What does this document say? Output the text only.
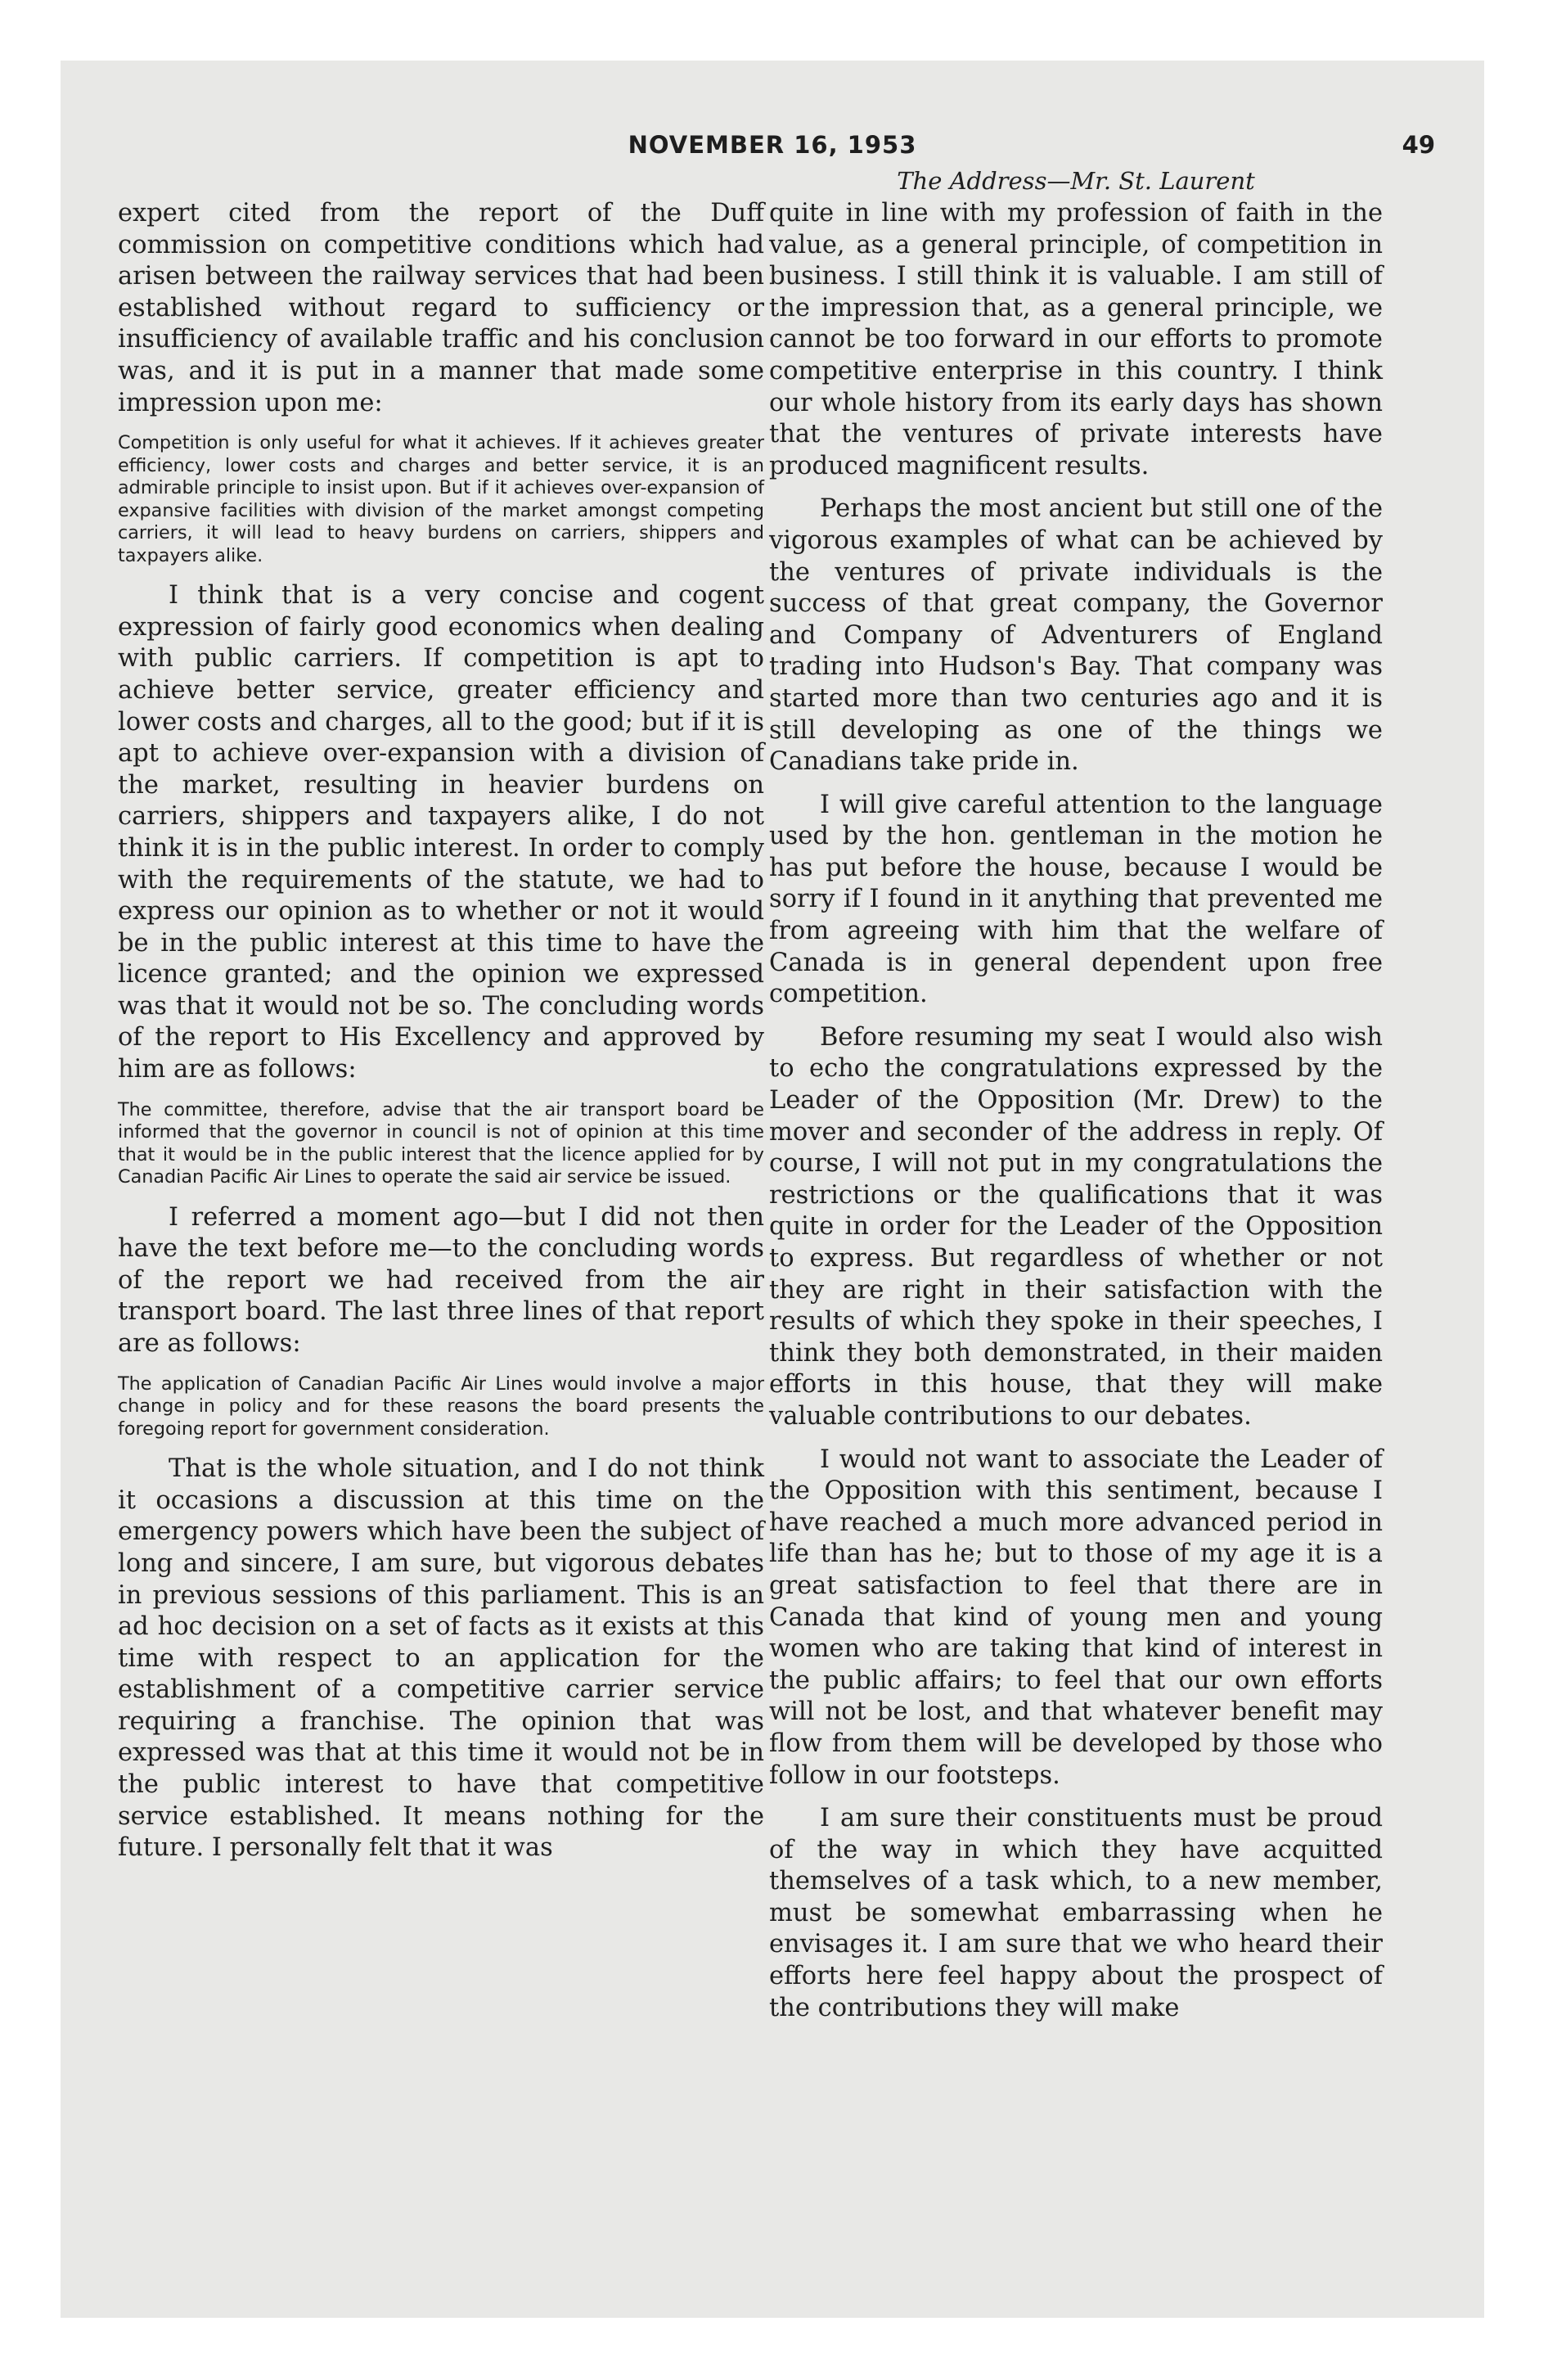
NOVEMBER 16, 1953	49
The Address—Mr. St. Laurent

expert cited from the report of the Duff commission on competitive conditions which had arisen between the railway services that had been established without regard to sufficiency or insufficiency of available traffic and his conclusion was, and it is put in a manner that made some impression upon me:

Competition is only useful for what it achieves. If it achieves greater efficiency, lower costs and charges and better service, it is an admirable principle to insist upon. But if it achieves over-expansion of expansive facilities with division of the market amongst competing carriers, it will lead to heavy burdens on carriers, shippers and taxpayers alike.

I think that is a very concise and cogent expression of fairly good economics when dealing with public carriers. If competition is apt to achieve better service, greater efficiency and lower costs and charges, all to the good; but if it is apt to achieve over-expansion with a division of the market, resulting in heavier burdens on carriers, shippers and taxpayers alike, I do not think it is in the public interest. In order to comply with the requirements of the statute, we had to express our opinion as to whether or not it would be in the public interest at this time to have the licence granted; and the opinion we expressed was that it would not be so. The concluding words of the report to His Excellency and approved by him are as follows:

The committee, therefore, advise that the air transport board be informed that the governor in council is not of opinion at this time that it would be in the public interest that the licence applied for by Canadian Pacific Air Lines to operate the said air service be issued.

I referred a moment ago—but I did not then have the text before me—to the concluding words of the report we had received from the air transport board. The last three lines of that report are as follows:

The application of Canadian Pacific Air Lines would involve a major change in policy and for these reasons the board presents the foregoing report for government consideration.

That is the whole situation, and I do not think it occasions a discussion at this time on the emergency powers which have been the subject of long and sincere, I am sure, but vigorous debates in previous sessions of this parliament. This is an ad hoc decision on a set of facts as it exists at this time with respect to an application for the establishment of a competitive carrier service requiring a franchise. The opinion that was expressed was that at this time it would not be in the public interest to have that competitive service established. It means nothing for the future. I personally felt that it was

quite in line with my profession of faith in the value, as a general principle, of competition in business. I still think it is valuable. I am still of the impression that, as a general principle, we cannot be too forward in our efforts to promote competitive enterprise in this country. I think our whole history from its early days has shown that the ventures of private interests have produced magnificent results.

Perhaps the most ancient but still one of the vigorous examples of what can be achieved by the ventures of private individuals is the success of that great company, the Governor and Company of Adventurers of England trading into Hudson's Bay. That company was started more than two centuries ago and it is still developing as one of the things we Canadians take pride in.

I will give careful attention to the language used by the hon. gentleman in the motion he has put before the house, because I would be sorry if I found in it anything that prevented me from agreeing with him that the welfare of Canada is in general dependent upon free competition.

Before resuming my seat I would also wish to echo the congratulations expressed by the Leader of the Opposition (Mr. Drew) to the mover and seconder of the address in reply. Of course, I will not put in my congratulations the restrictions or the qualifications that it was quite in order for the Leader of the Opposition to express. But regardless of whether or not they are right in their satisfaction with the results of which they spoke in their speeches, I think they both demonstrated, in their maiden efforts in this house, that they will make valuable contributions to our debates.

I would not want to associate the Leader of the Opposition with this sentiment, because I have reached a much more advanced period in life than has he; but to those of my age it is a great satisfaction to feel that there are in Canada that kind of young men and young women who are taking that kind of interest in the public affairs; to feel that our own efforts will not be lost, and that whatever benefit may flow from them will be developed by those who follow in our footsteps.

I am sure their constituents must be proud of the way in which they have acquitted themselves of a task which, to a new member, must be somewhat embarrassing when he envisages it. I am sure that we who heard their efforts here feel happy about the prospect of the contributions they will make
